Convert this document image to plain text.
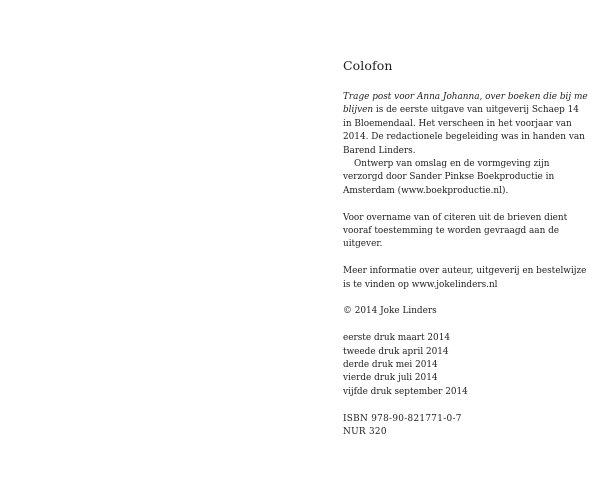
Colofon

Trage post voor Anna Johanna, over boeken die bij me
blijven is de eerste uitgave van uitgeverij Schaep 14
in Bloemendaal. Het verscheen in het voorjaar van
2014. De redactionele begeleiding was in handen van
Barend Linders.

Ontwerp van omslag en de vormgeving zijn

verzorgd door Sander Pinkse Boekproductie in
Amsterdam (www.boekproductie.nl).

Voor overname van of citeren uit de brieven dient
vooraf toestemming te worden gevraagd aan de
uitgever.
Meer informatie over auteur, uitgeverij en bestelwijze
is te vinden op www.jokelinders.nl
© 2014 Joke Linders
eerste druk maart 2014
tweede druk april 2014
derde druk mei 2014
vierde druk juli 2014
vijfde druk september 2014
ISBN 978-90-821771-0-7
NUR 320
